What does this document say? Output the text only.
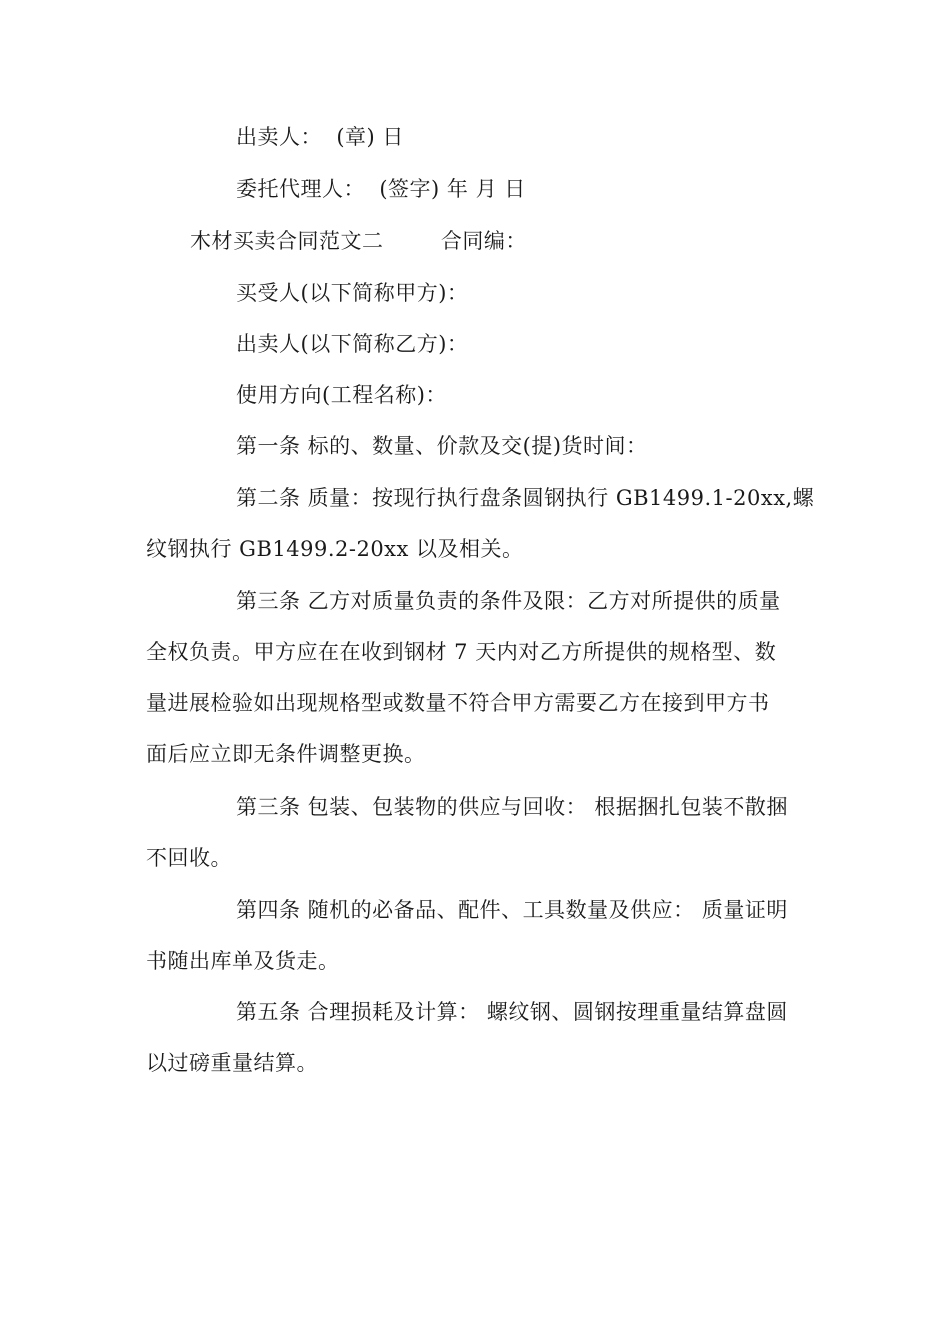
出卖人：  (章) 日
委托代理人：  (签字) 年 月 日
木材买卖合同范文二        合同编：
买受人(以下简称甲方)：
出卖人(以下简称乙方)：
使用方向(工程名称)：
第一条 标的、数量、价款及交(提)货时间：
第二条 质量：按现行执行盘条圆钢执行 GB1499.1-20xx,螺
纹钢执行 GB1499.2-20xx 以及相关。
第三条 乙方对质量负责的条件及限：乙方对所提供的质量
全权负责。甲方应在在收到钢材 7 天内对乙方所提供的规格型、数
量进展检验如出现规格型或数量不符合甲方需要乙方在接到甲方书
面后应立即无条件调整更换。
第三条 包装、包装物的供应与回收： 根据捆扎包装不散捆
不回收。
第四条 随机的必备品、配件、工具数量及供应： 质量证明
书随出库单及货走。
第五条 合理损耗及计算： 螺纹钢、圆钢按理重量结算盘圆
以过磅重量结算。
